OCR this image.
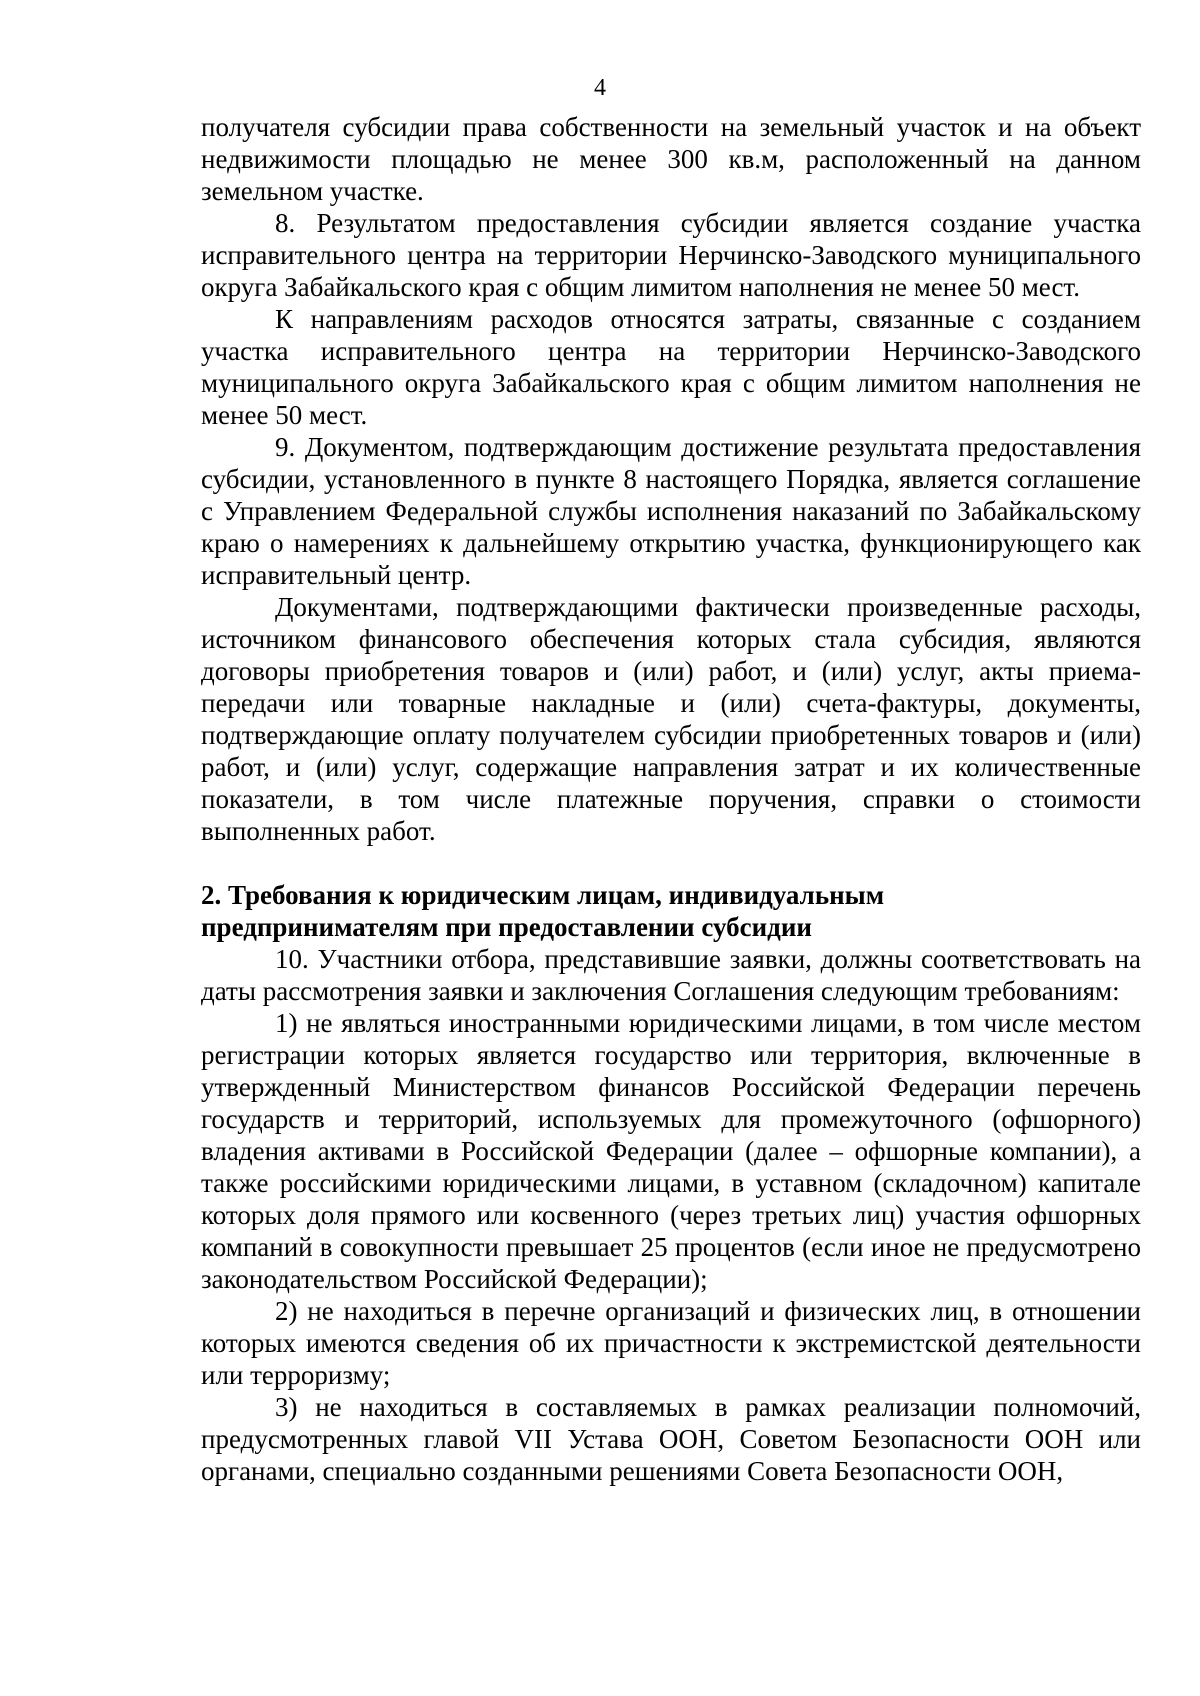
4

получателя субсидии права собственности на земельный участок и на объект недвижимости площадью не менее 300 кв.м, расположенный на данном земельном участке.

8. Результатом предоставления субсидии является создание участка исправительного центра на территории Нерчинско-Заводского муниципального округа Забайкальского края с общим лимитом наполнения не менее 50 мест.

К направлениям расходов относятся затраты, связанные с созданием участка исправительного центра на территории Нерчинско-Заводского муниципального округа Забайкальского края с общим лимитом наполнения не менее 50 мест.

9. Документом, подтверждающим достижение результата предоставления субсидии, установленного в пункте 8 настоящего Порядка, является соглашение с Управлением Федеральной службы исполнения наказаний по Забайкальскому краю о намерениях к дальнейшему открытию участка, функционирующего как исправительный центр.

Документами, подтверждающими фактически произведенные расходы, источником финансового обеспечения которых стала субсидия, являются договоры приобретения товаров и (или) работ, и (или) услуг, акты приема-передачи или товарные накладные и (или) счета-фактуры, документы, подтверждающие оплату получателем субсидии приобретенных товаров и (или) работ, и (или) услуг, содержащие направления затрат и их количественные показатели, в том числе платежные поручения, справки о стоимости выполненных работ.

2. Требования к юридическим лицам, индивидуальным

предпринимателям при предоставлении субсидии

10. Участники отбора, представившие заявки, должны соответствовать на даты рассмотрения заявки и заключения Соглашения следующим требованиям:

1) не являться иностранными юридическими лицами, в том числе местом регистрации которых является государство или территория, включенные в утвержденный Министерством финансов Российской Федерации перечень государств и территорий, используемых для промежуточного (офшорного) владения активами в Российской Федерации (далее – офшорные компании), а также российскими юридическими лицами, в уставном (складочном) капитале которых доля прямого или косвенного (через третьих лиц) участия офшорных компаний в совокупности превышает 25 процентов (если иное не предусмотрено законодательством Российской Федерации);

2) не находиться в перечне организаций и физических лиц, в отношении которых имеются сведения об их причастности к экстремистской деятельности или терроризму;

3) не находиться в составляемых в рамках реализации полномочий, предусмотренных главой VII Устава ООН, Советом Безопасности ООН или органами, специально созданными решениями Совета Безопасности ООН,
